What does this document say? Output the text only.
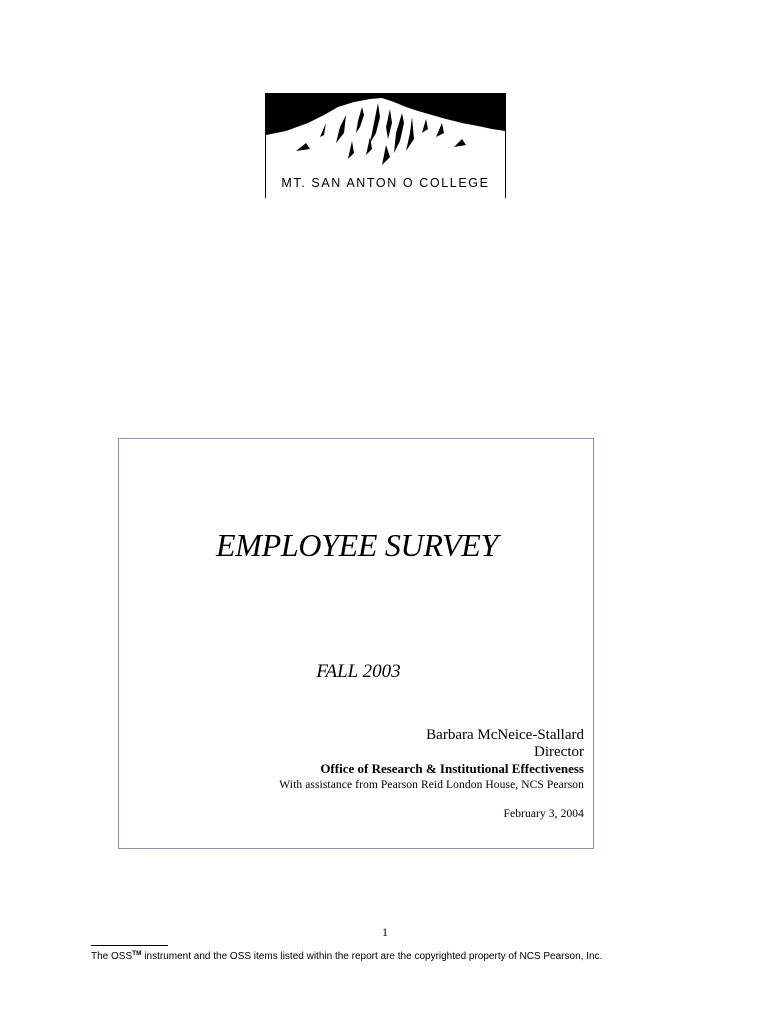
MT. SAN ANTON O COLLEGE
EMPLOYEE SURVEY
FALL 2003
Barbara McNeice-Stallard
Director
Office of Research & Institutional Effectiveness
With assistance from Pearson Reid London House, NCS Pearson
February 3, 2004
1
The OSS™ instrument and the OSS items listed within the report are the copyrighted property of NCS Pearson, Inc.
